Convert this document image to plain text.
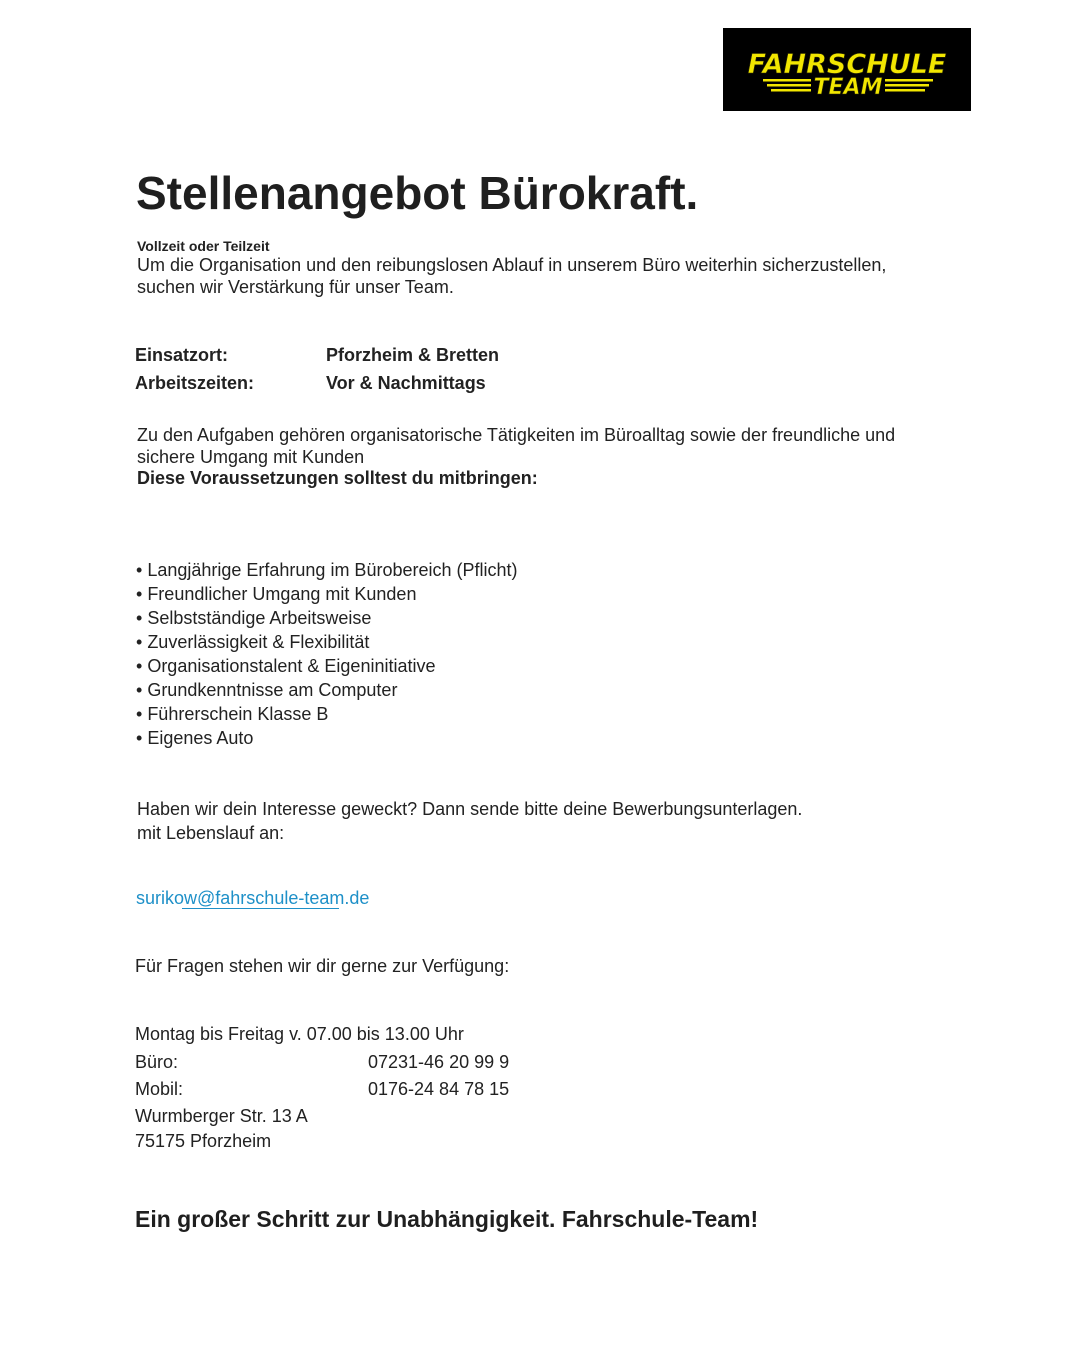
FAHRSCHULE
TEAM
Stellenangebot Bürokraft.
Vollzeit oder Teilzeit
Um die Organisation und den reibungslosen Ablauf in unserem Büro weiterhin sicherzustellen,
suchen wir Verstärkung für unser Team.
Einsatzort:	Pforzheim & Bretten
Arbeitszeiten:	Vor & Nachmittags
Zu den Aufgaben gehören organisatorische Tätigkeiten im Büroalltag sowie der freundliche und
sichere Umgang mit Kunden
Diese Voraussetzungen solltest du mitbringen:
• Langjährige Erfahrung im Bürobereich (Pflicht)
• Freundlicher Umgang mit Kunden
• Selbstständige Arbeitsweise
• Zuverlässigkeit & Flexibilität
• Organisationstalent & Eigeninitiative
• Grundkenntnisse am Computer
• Führerschein Klasse B
• Eigenes Auto
Haben wir dein Interesse geweckt? Dann sende bitte deine Bewerbungsunterlagen.
mit Lebenslauf an:
surikow@fahrschule-team.de
Für Fragen stehen wir dir gerne zur Verfügung:
Montag bis Freitag v. 07.00 bis 13.00 Uhr
Büro:	07231-46 20 99 9
Mobil:	0176-24 84 78 15
Wurmberger Str. 13 A
75175 Pforzheim
Ein großer Schritt zur Unabhängigkeit. Fahrschule-Team!
